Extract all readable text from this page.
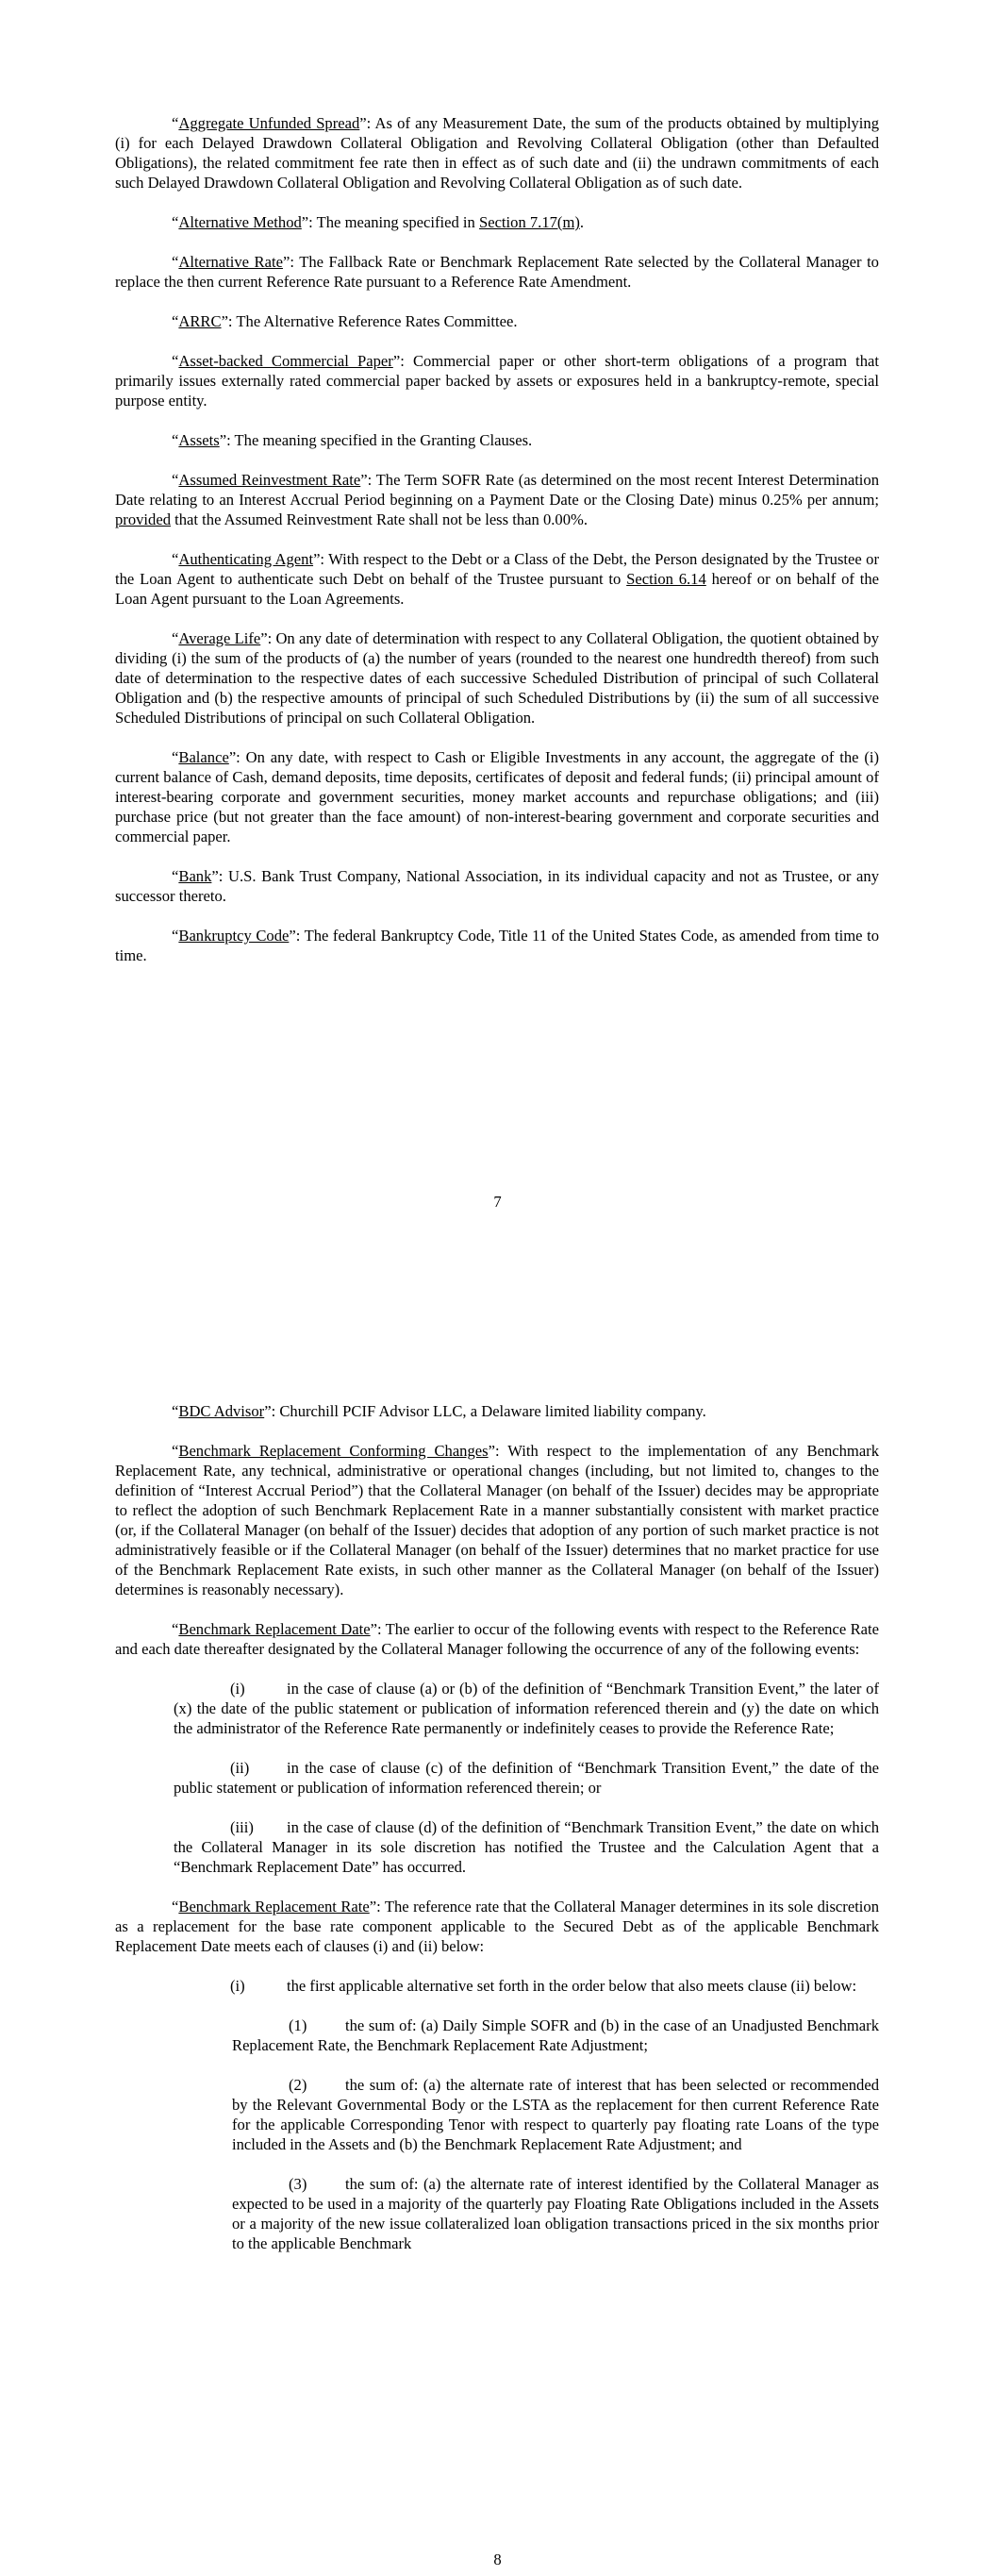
“Aggregate Unfunded Spread”: As of any Measurement Date, the sum of the products obtained by multiplying (i) for each Delayed Drawdown Collateral Obligation and Revolving Collateral Obligation (other than Defaulted Obligations), the related commitment fee rate then in effect as of such date and (ii) the undrawn commitments of each such Delayed Drawdown Collateral Obligation and Revolving Collateral Obligation as of such date.

“Alternative Method”: The meaning specified in Section 7.17(m).

“Alternative Rate”: The Fallback Rate or Benchmark Replacement Rate selected by the Collateral Manager to replace the then current Reference Rate pursuant to a Reference Rate Amendment.

“ARRC”: The Alternative Reference Rates Committee.

“Asset-backed Commercial Paper”: Commercial paper or other short-term obligations of a program that primarily issues externally rated commercial paper backed by assets or exposures held in a bankruptcy-remote, special purpose entity.

“Assets”: The meaning specified in the Granting Clauses.

“Assumed Reinvestment Rate”: The Term SOFR Rate (as determined on the most recent Interest Determination Date relating to an Interest Accrual Period beginning on a Payment Date or the Closing Date) minus 0.25% per annum; provided that the Assumed Reinvestment Rate shall not be less than 0.00%.

“Authenticating Agent”: With respect to the Debt or a Class of the Debt, the Person designated by the Trustee or the Loan Agent to authenticate such Debt on behalf of the Trustee pursuant to Section 6.14 hereof or on behalf of the Loan Agent pursuant to the Loan Agreements.

“Average Life”: On any date of determination with respect to any Collateral Obligation, the quotient obtained by dividing (i) the sum of the products of (a) the number of years (rounded to the nearest one hundredth thereof) from such date of determination to the respective dates of each successive Scheduled Distribution of principal of such Collateral Obligation and (b) the respective amounts of principal of such Scheduled Distributions by (ii) the sum of all successive Scheduled Distributions of principal on such Collateral Obligation.

“Balance”: On any date, with respect to Cash or Eligible Investments in any account, the aggregate of the (i) current balance of Cash, demand deposits, time deposits, certificates of deposit and federal funds; (ii) principal amount of interest-bearing corporate and government securities, money market accounts and repurchase obligations; and (iii) purchase price (but not greater than the face amount) of non-interest-bearing government and corporate securities and commercial paper.

“Bank”: U.S. Bank Trust Company, National Association, in its individual capacity and not as Trustee, or any successor thereto.

“Bankruptcy Code”: The federal Bankruptcy Code, Title 11 of the United States Code, as amended from time to time.

7

“BDC Advisor”: Churchill PCIF Advisor LLC, a Delaware limited liability company.

“Benchmark Replacement Conforming Changes”: With respect to the implementation of any Benchmark Replacement Rate, any technical, administrative or operational changes (including, but not limited to, changes to the definition of “Interest Accrual Period”) that the Collateral Manager (on behalf of the Issuer) decides may be appropriate to reflect the adoption of such Benchmark Replacement Rate in a manner substantially consistent with market practice (or, if the Collateral Manager (on behalf of the Issuer) decides that adoption of any portion of such market practice is not administratively feasible or if the Collateral Manager (on behalf of the Issuer) determines that no market practice for use of the Benchmark Replacement Rate exists, in such other manner as the Collateral Manager (on behalf of the Issuer) determines is reasonably necessary).

“Benchmark Replacement Date”: The earlier to occur of the following events with respect to the Reference Rate and each date thereafter designated by the Collateral Manager following the occurrence of any of the following events:

(i)	in the case of clause (a) or (b) of the definition of “Benchmark Transition Event,” the later of (x) the date of the public statement or publication of information referenced therein and (y) the date on which the administrator of the Reference Rate permanently or indefinitely ceases to provide the Reference Rate;

(ii) in the case of clause (c) of the definition of “Benchmark Transition Event,” the date of the public statement or publication of information referenced therein; or

(iii) in the case of clause (d) of the definition of “Benchmark Transition Event,” the date on which the Collateral Manager in its sole discretion has notified the Trustee and the Calculation Agent that a “Benchmark Replacement Date” has occurred.

“Benchmark Replacement Rate”: The reference rate that the Collateral Manager determines in its sole discretion as a replacement for the base rate component applicable to the Secured Debt as of the applicable Benchmark Replacement Date meets each of clauses (i) and (ii) below:

(i)	the first applicable alternative set forth in the order below that also meets clause (ii) below:

(1) the sum of: (a) Daily Simple SOFR and (b) in the case of an Unadjusted Benchmark Replacement Rate, the Benchmark Replacement Rate Adjustment;

(2) the sum of: (a) the alternate rate of interest that has been selected or recommended by the Relevant Governmental Body or the LSTA as the replacement for then current Reference Rate for the applicable Corresponding Tenor with respect to quarterly pay floating rate Loans of the type included in the Assets and (b) the Benchmark Replacement Rate Adjustment; and

(3) the sum of: (a) the alternate rate of interest identified by the Collateral Manager as expected to be used in a majority of the quarterly pay Floating Rate Obligations included in the Assets or a majority of the new issue collateralized loan obligation transactions priced in the six months prior to the applicable Benchmark

8
